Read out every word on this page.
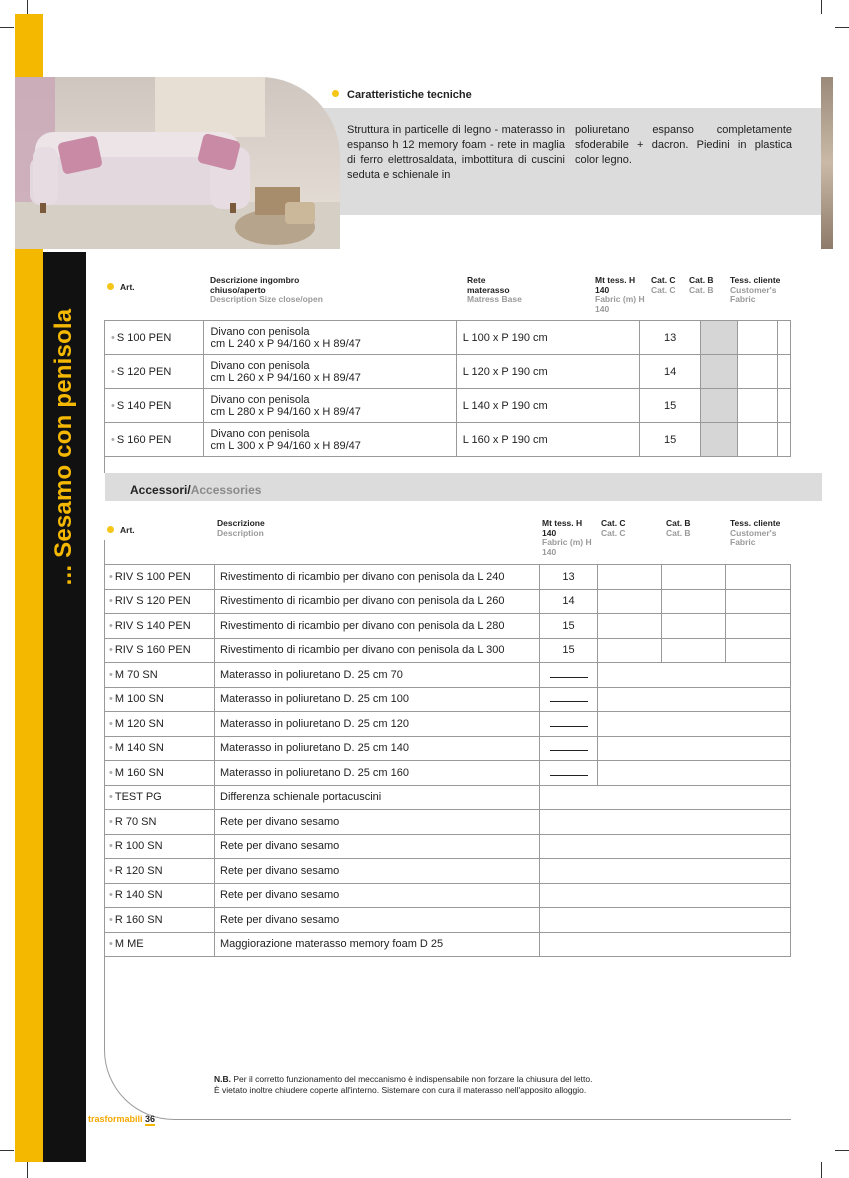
... Sesamo con penisola
Caratteristiche tecniche
Struttura in particelle di legno - materasso in espanso h 12 memory foam - rete in maglia di ferro elettrosaldata, imbottitura di cuscini seduta e schienale in
poliuretano espanso completamente sfoderabile + dacron. Piedini in plastica color legno.
Art.
Descrizione ingombro chiuso/aperto
Description Size close/open
Rete materasso
Matress Base
Mt tess. H 140
Fabric (m) H 140
Cat. C
Cat. C
Cat. B
Cat. B
Tess. cliente
Customer's Fabric
• S 100 PEN	Divano con penisola
cm L 240 x P 94/160 x H 89/47	L 100 x P 190 cm	13			
• S 120 PEN	Divano con penisola
cm L 260 x P 94/160 x H 89/47	L 120 x P 190 cm	14			
• S 140 PEN	Divano con penisola
cm L 280 x P 94/160 x H 89/47	L 140 x P 190 cm	15			
• S 160 PEN	Divano con penisola
cm L 300 x P 94/160 x H 89/47	L 160 x P 190 cm	15			
Accessori/Accessories
Art.
Descrizione
Description
Mt tess. H 140
Fabric (m) H 140
Cat. C
Cat. C
Cat. B
Cat. B
Tess. cliente
Customer's Fabric
• RIV S 100 PEN	Rivestimento di ricambio per divano con penisola da L 240	13			
• RIV S 120 PEN	Rivestimento di ricambio per divano con penisola da L 260	14			
• RIV S 140 PEN	Rivestimento di ricambio per divano con penisola da L 280	15			
• RIV S 160 PEN	Rivestimento di ricambio per divano con penisola da L 300	15			
• M 70 SN	Materasso in poliuretano D. 25 cm 70				
• M 100 SN	Materasso in poliuretano D. 25 cm 100				
• M 120 SN	Materasso in poliuretano D. 25 cm 120				
• M 140 SN	Materasso in poliuretano D. 25 cm 140				
• M 160 SN	Materasso in poliuretano D. 25 cm 160				
• TEST PG	Differenza schienale portacuscini				
• R 70 SN	Rete per divano sesamo				
• R 100 SN	Rete per divano sesamo				
• R 120 SN	Rete per divano sesamo				
• R 140 SN	Rete per divano sesamo				
• R 160 SN	Rete per divano sesamo				
• M ME	Maggiorazione materasso memory foam D 25				
N.B. Per il corretto funzionamento del meccanismo è indispensabile non forzare la chiusura del letto.
È vietato inoltre chiudere coperte all'interno. Sistemare con cura il materasso nell'apposito alloggio.
trasformabili 36
